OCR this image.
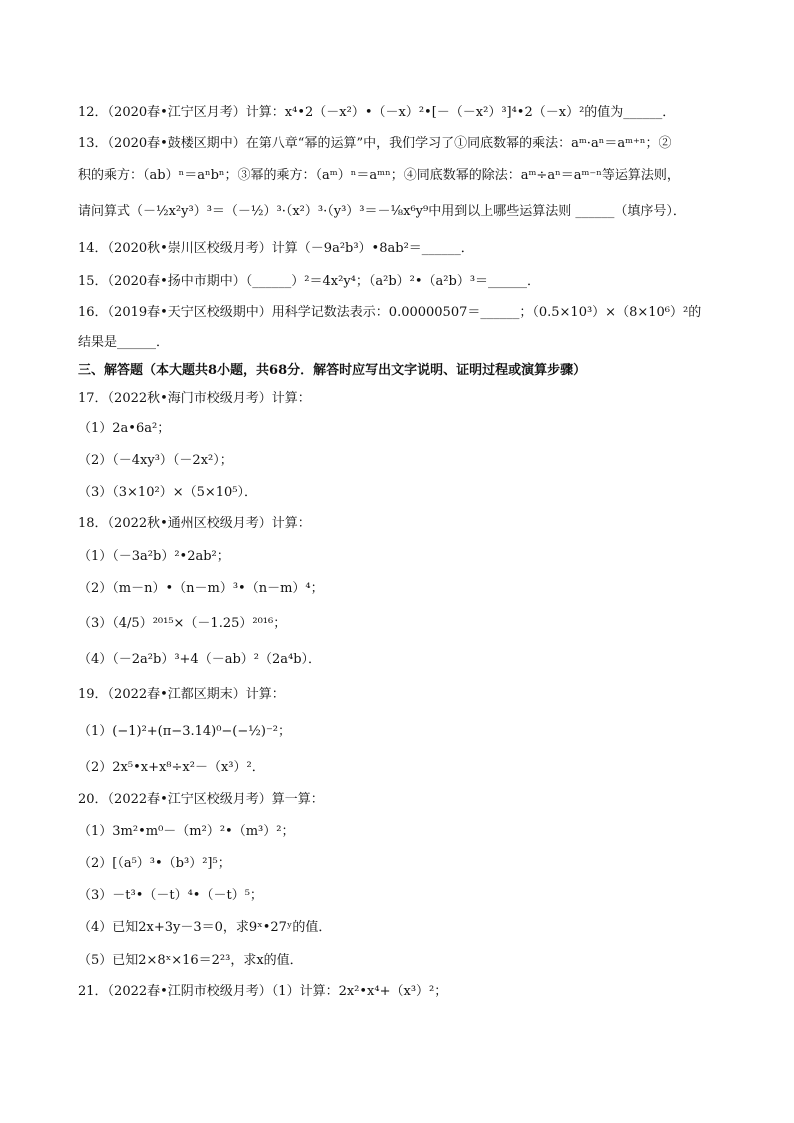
12．（2020春•江宁区月考）计算：x⁴•2（－x²）•（－x）²•[－（－x²）³]⁴•2（－x）²的值为______．
13．（2020春•鼓楼区期中）在第八章“幂的运算”中，我们学习了①同底数幂的乘法：aᵐ·aⁿ＝aᵐ⁺ⁿ；②
积的乘方：（ab）ⁿ＝aⁿbⁿ；③幂的乘方：（aᵐ）ⁿ＝aᵐⁿ；④同底数幂的除法：aᵐ÷aⁿ＝aᵐ⁻ⁿ等运算法则，
请问算式（－½x²y³）³＝（－½）³·（x²）³·（y³）³＝－⅛x⁶y⁹中用到以上哪些运算法则 ______（填序号）．
14．（2020秋•崇川区校级月考）计算（－9a²b³）•8ab²＝______．
15．（2020春•扬中市期中）（______）²＝4x²y⁴；（a²b）²•（a²b）³＝______．
16．（2019春•天宁区校级期中）用科学记数法表示：0.00000507＝______；（0.5×10³）×（8×10⁶）²的
结果是______．
三、解答题（本大题共8小题，共68分．解答时应写出文字说明、证明过程或演算步骤）
17．（2022秋•海门市校级月考）计算：
（1）2a•6a²；
（2）（－4xy³）（－2x²）；
（3）（3×10²）×（5×10⁵）．
18．（2022秋•通州区校级月考）计算：
（1）（－3a²b）²•2ab²；
（2）（m－n）•（n－m）³•（n－m）⁴；
（3）（4/5）²⁰¹⁵×（－1.25）²⁰¹⁶；
（4）（－2a²b）³+4（－ab）²（2a⁴b）．
19．（2022春•江都区期末）计算：
（1）(−1)²+(π−3.14)⁰−(−½)⁻²；
（2）2x⁵•x+x⁸÷x²－（x³）²．
20．（2022春•江宁区校级月考）算一算：
（1）3m²•m⁰－（m²）²•（m³）²；
（2）[（a⁵）³•（b³）²]⁵；
（3）－t³•（－t）⁴•（－t）⁵；
（4）已知2x+3y－3＝0，求9ˣ•27ʸ的值．
（5）已知2×8ˣ×16＝2²³，求x的值．
21．（2022春•江阴市校级月考）（1）计算：2x²•x⁴+（x³）²；
